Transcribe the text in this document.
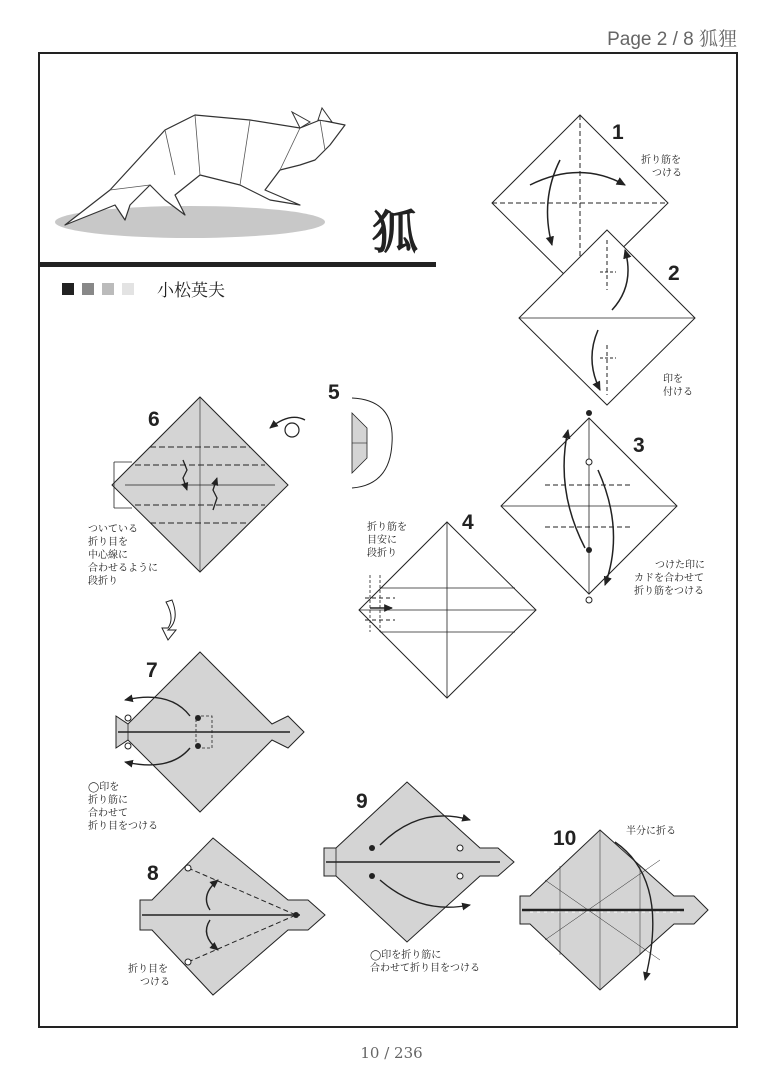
Page 2 / 8 狐狸
狐
小松英夫
1
折り筋を
つける
2
印を
付ける
3
つけた印に
カドを合わせて
折り筋をつける
4
折り筋を
目安に
段折り
5
6
ついている
折り目を
中心線に
合わせるように
段折り
7
◯印を
折り筋に
合わせて
折り目をつける
8
折り目を
つける
9
◯印を折り筋に
合わせて折り目をつける
10	半分に折る
10 / 236
